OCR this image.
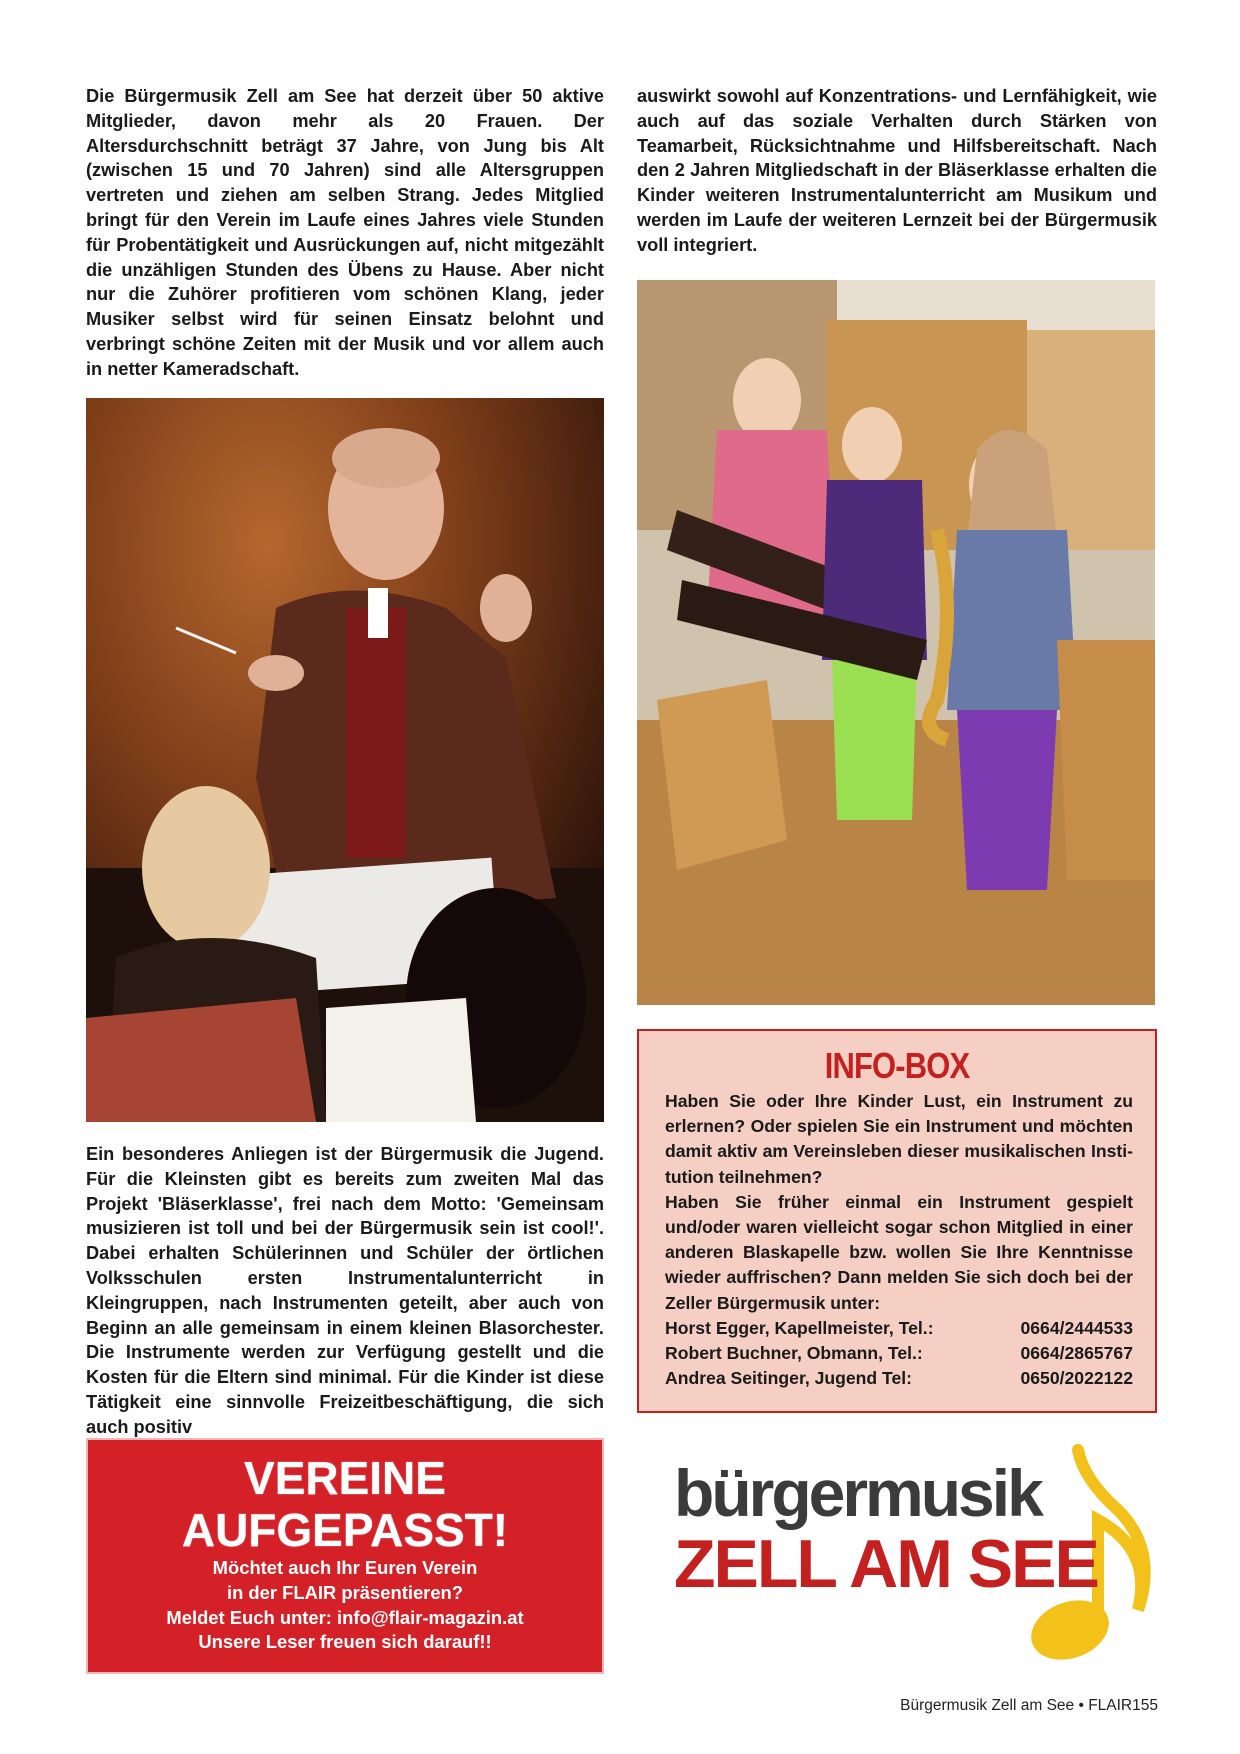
Die Bürgermusik Zell am See hat derzeit über 50 aktive Mitglieder, davon mehr als 20 Frauen. Der Altersdurchschnitt beträgt 37 Jahre, von Jung bis Alt (zwischen 15 und 70 Jahren) sind alle Altersgruppen vertreten und ziehen am selben Strang. Jedes Mitglied bringt für den Verein im Laufe eines Jahres viele Stunden für Probentätigkeit und Ausrückungen auf, nicht mitgezählt die unzähligen Stunden des Übens zu Hause. Aber nicht nur die Zuhörer profitieren vom schönen Klang, jeder Musiker selbst wird für seinen Einsatz belohnt und verbringt schöne Zeiten mit der Musik und vor allem auch in netter Kameradschaft.

Ein besonderes Anliegen ist der Bürgermusik die Jugend. Für die Kleinsten gibt es bereits zum zweiten Mal das Projekt 'Bläserklasse', frei nach dem Motto: 'Gemeinsam musizieren ist toll und bei der Bürgermusik sein ist cool!'. Dabei erhalten Schülerinnen und Schüler der örtlichen Volksschulen ersten Instrumentalunterricht in Kleingruppen, nach Instrumenten geteilt, aber auch von Beginn an alle gemeinsam in einem kleinen Blasorchester. Die Instrumente werden zur Verfügung gestellt und die Kosten für die Eltern sind minimal. Für die Kinder ist diese Tätigkeit eine sinnvolle Freizeitbeschäftigung, die sich auch positiv

auswirkt sowohl auf Konzentrations- und Lernfähigkeit, wie auch auf das soziale Verhalten durch Stärken von Teamarbeit, Rücksichtnahme und Hilfsbereitschaft. Nach den 2 Jahren Mitgliedschaft in der Bläserklasse erhalten die Kinder weiteren Instrumentalunterricht am Musikum und werden im Laufe der weiteren Lernzeit bei der Bürgermusik voll integriert.

INFO-BOX

Haben Sie oder Ihre Kinder Lust, ein Instrument zu erlernen? Oder spielen Sie ein Instrument und möchten damit aktiv am Vereinsleben dieser musikalischen Insti-tution teilnehmen?

Haben Sie früher einmal ein Instrument gespielt und/oder waren vielleicht sogar schon Mitglied in einer anderen Blaskapelle bzw. wollen Sie Ihre Kenntnisse wieder auffrischen? Dann melden Sie sich doch bei der Zeller Bürgermusik unter:

Horst Egger, Kapellmeister, Tel.:	0664/2444533
Robert Buchner, Obmann, Tel.:	0664/2865767
Andrea Seitinger, Jugend Tel:	0650/2022122
VEREINE
AUFGEPASST!
Möchtet auch Ihr Euren Verein
in der FLAIR präsentieren?
Meldet Euch unter: info@flair-magazin.at
Unsere Leser freuen sich darauf!!
bürgermusik
ZELL AM SEE
Bürgermusik Zell am See • FLAIR155
